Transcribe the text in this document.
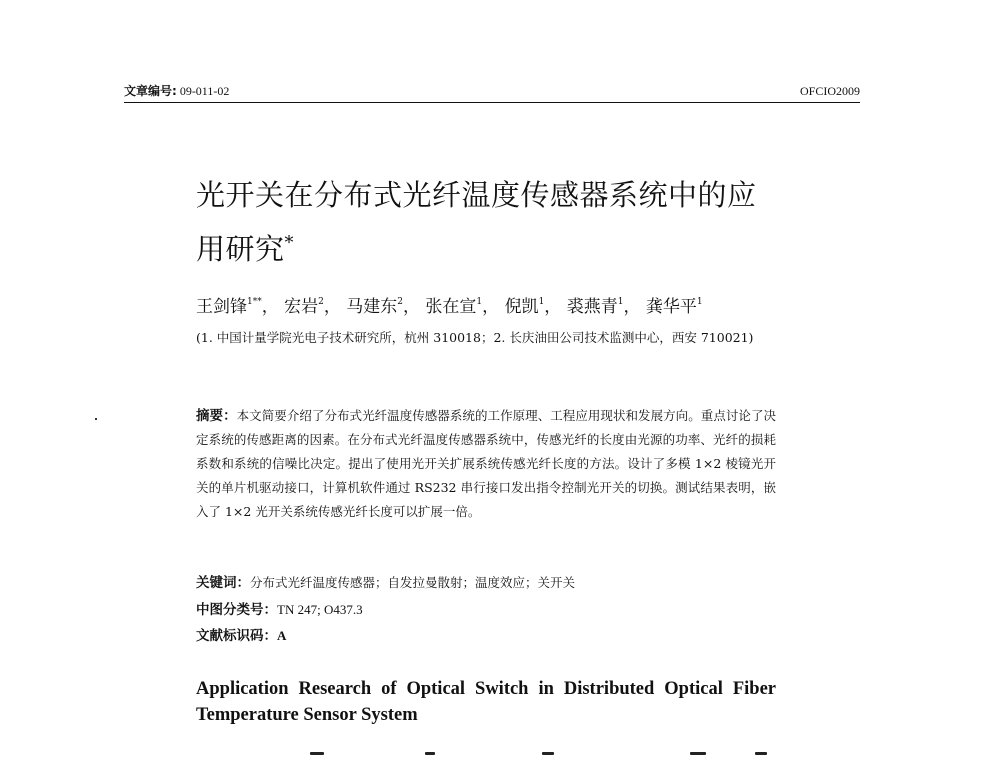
文章编号: 09-011-02	OFCIO2009
光开关在分布式光纤温度传感器系统中的应
用研究*
王剑锋$^{1**}$， 宏岩$^2$， 马建东$^2$， 张在宣$^1$， 倪凯$^1$， 裘燕青$^1$， 龚华平$^1$
(1. 中国计量学院光电子技术研究所，杭州 310018；2. 长庆油田公司技术监测中心，西安 710021)
摘要：本文简要介绍了分布式光纤温度传感器系统的工作原理、工程应用现状和发展方向。重点讨论了决定系统的传感距离的因素。在分布式光纤温度传感器系统中，传感光纤的长度由光源的功率、光纤的损耗系数和系统的信噪比决定。提出了使用光开关扩展系统传感光纤长度的方法。设计了多模 1×2 棱镜光开关的单片机驱动接口，计算机软件通过 RS232 串行接口发出指令控制光开关的切换。测试结果表明，嵌入了 1×2 光开关系统传感光纤长度可以扩展一倍。
关键词：分布式光纤温度传感器；自发拉曼散射；温度效应；关开关
中图分类号：TN 247; O437.3
文献标识码：A
Application Research of Optical Switch in Distributed Optical Fiber Temperature Sensor System
